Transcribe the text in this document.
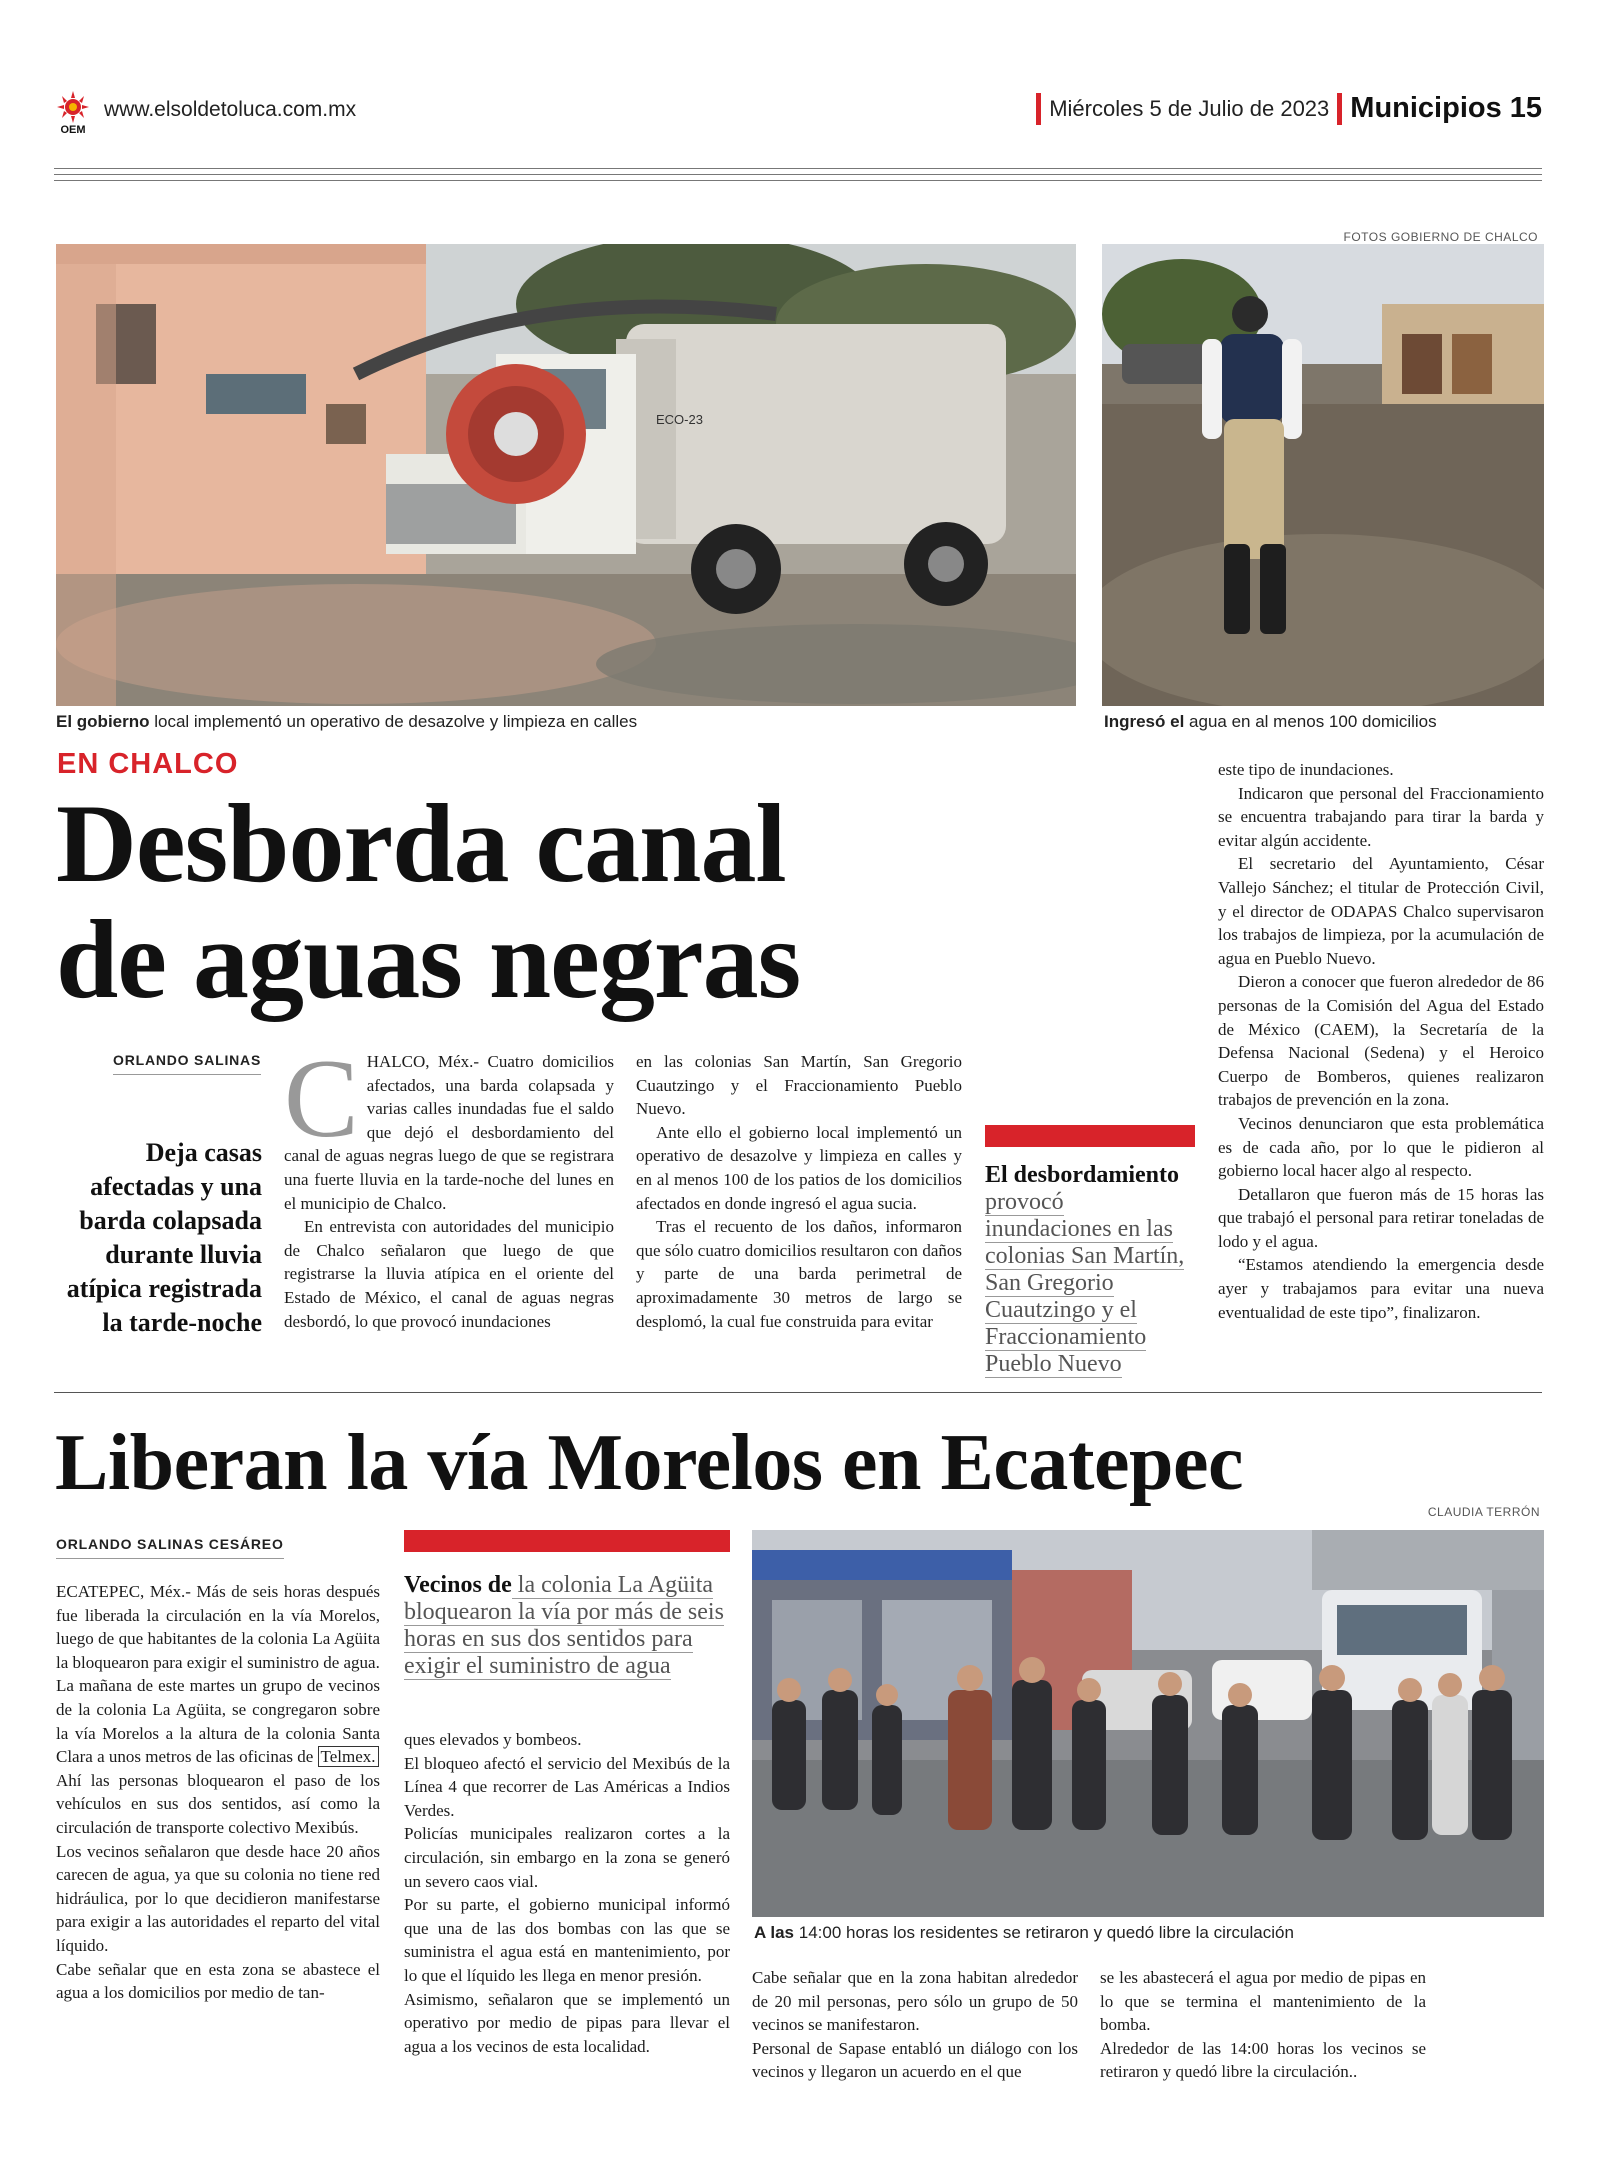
OEM
www.elsoldetoluca.com.mx	Miércoles 5 de Julio de 2023 Municipios 15
FOTOS GOBIERNO DE CHALCO
ECO-23
El gobierno local implementó un operativo de desazolve y limpieza en calles	Ingresó el agua en al menos 100 domicilios
EN CHALCO
Desborda canal
de aguas negras
ORLANDO SALINAS
Deja casas afectadas y una barda colapsada durante lluvia atípica registrada la tarde-noche
C HALCO, Méx.- Cuatro domicilios afectados, una barda colapsada y varias calles inundadas fue el saldo que dejó el desbordamiento del canal de aguas negras luego de que se registrara una fuerte lluvia en la tarde-noche del lunes en el municipio de Chalco.

En entrevista con autoridades del municipio de Chalco señalaron que luego de que registrarse la lluvia atípica en el oriente del Estado de México, el canal de aguas negras desbordó, lo que provocó inundaciones

en las colonias San Martín, San Gregorio Cuautzingo y el Fraccionamiento Pueblo Nuevo.

Ante ello el gobierno local implementó un operativo de desazolve y limpieza en calles y en al menos 100 de los patios de los domicilios afectados en donde ingresó el agua sucia.

Tras el recuento de los daños, informaron que sólo cuatro domicilios resultaron con daños y parte de una barda perimetral de aproximadamente 30 metros de largo se desplomó, la cual fue construida para evitar

El desbordamiento provocó inundaciones en las colonias San Martín, San Gregorio Cuautzingo y el Fraccionamiento Pueblo Nuevo

este tipo de inundaciones.

Indicaron que personal del Fraccionamiento se encuentra trabajando para tirar la barda y evitar algún accidente.

El secretario del Ayuntamiento, César Vallejo Sánchez; el titular de Protección Civil, y el director de ODAPAS Chalco supervisaron los trabajos de limpieza, por la acumulación de agua en Pueblo Nuevo.

Dieron a conocer que fueron alrededor de 86 personas de la Comisión del Agua del Estado de México (CAEM), la Secretaría de la Defensa Nacional (Sedena) y el Heroico Cuerpo de Bomberos, quienes realizaron trabajos de prevención en la zona.

Vecinos denunciaron que esta problemática es de cada año, por lo que le pidieron al gobierno local hacer algo al respecto.

Detallaron que fueron más de 15 horas las que trabajó el personal para retirar toneladas de lodo y el agua.

“Estamos atendiendo la emergencia desde ayer y trabajamos para evitar una nueva eventualidad de este tipo”, finalizaron.

Liberan la vía Morelos en Ecatepec
CLAUDIA TERRÓN
ORLANDO SALINAS CESÁREO

ECATEPEC, Méx.- Más de seis horas después fue liberada la circulación en la vía Morelos, luego de que habitantes de la colonia La Agüita la bloquearon para exigir el suministro de agua.

La mañana de este martes un grupo de vecinos de la colonia La Agüita, se congregaron sobre la vía Morelos a la altura de la colonia Santa Clara a unos metros de las oficinas de Telmex.

Ahí las personas bloquearon el paso de los vehículos en sus dos sentidos, así como la circulación de transporte colectivo Mexibús.

Los vecinos señalaron que desde hace 20 años carecen de agua, ya que su colonia no tiene red hidráulica, por lo que decidieron manifestarse para exigir a las autoridades el reparto del vital líquido.

Cabe señalar que en esta zona se abastece el agua a los domicilios por medio de tan-

Vecinos de la colonia La Agüita bloquearon la vía por más de seis horas en sus dos sentidos para exigir el suministro de agua

ques elevados y bombeos.

El bloqueo afectó el servicio del Mexibús de la Línea 4 que recorrer de Las Américas a Indios Verdes.

Policías municipales realizaron cortes a la circulación, sin embargo en la zona se generó un severo caos vial.

Por su parte, el gobierno municipal informó que una de las dos bombas con las que se suministra el agua está en mantenimiento, por lo que el líquido les llega en menor presión.

Asimismo, señalaron que se implementó un operativo por medio de pipas para llevar el agua a los vecinos de esta localidad.

A las 14:00 horas los residentes se retiraron y quedó libre la circulación

Cabe señalar que en la zona habitan alrededor de 20 mil personas, pero sólo un grupo de 50 vecinos se manifestaron.

Personal de Sapase entabló un diálogo con los vecinos y llegaron un acuerdo en el que

se les abastecerá el agua por medio de pipas en lo que se termina el mantenimiento de la bomba.

Alrededor de las 14:00 horas los vecinos se retiraron y quedó libre la circulación..
